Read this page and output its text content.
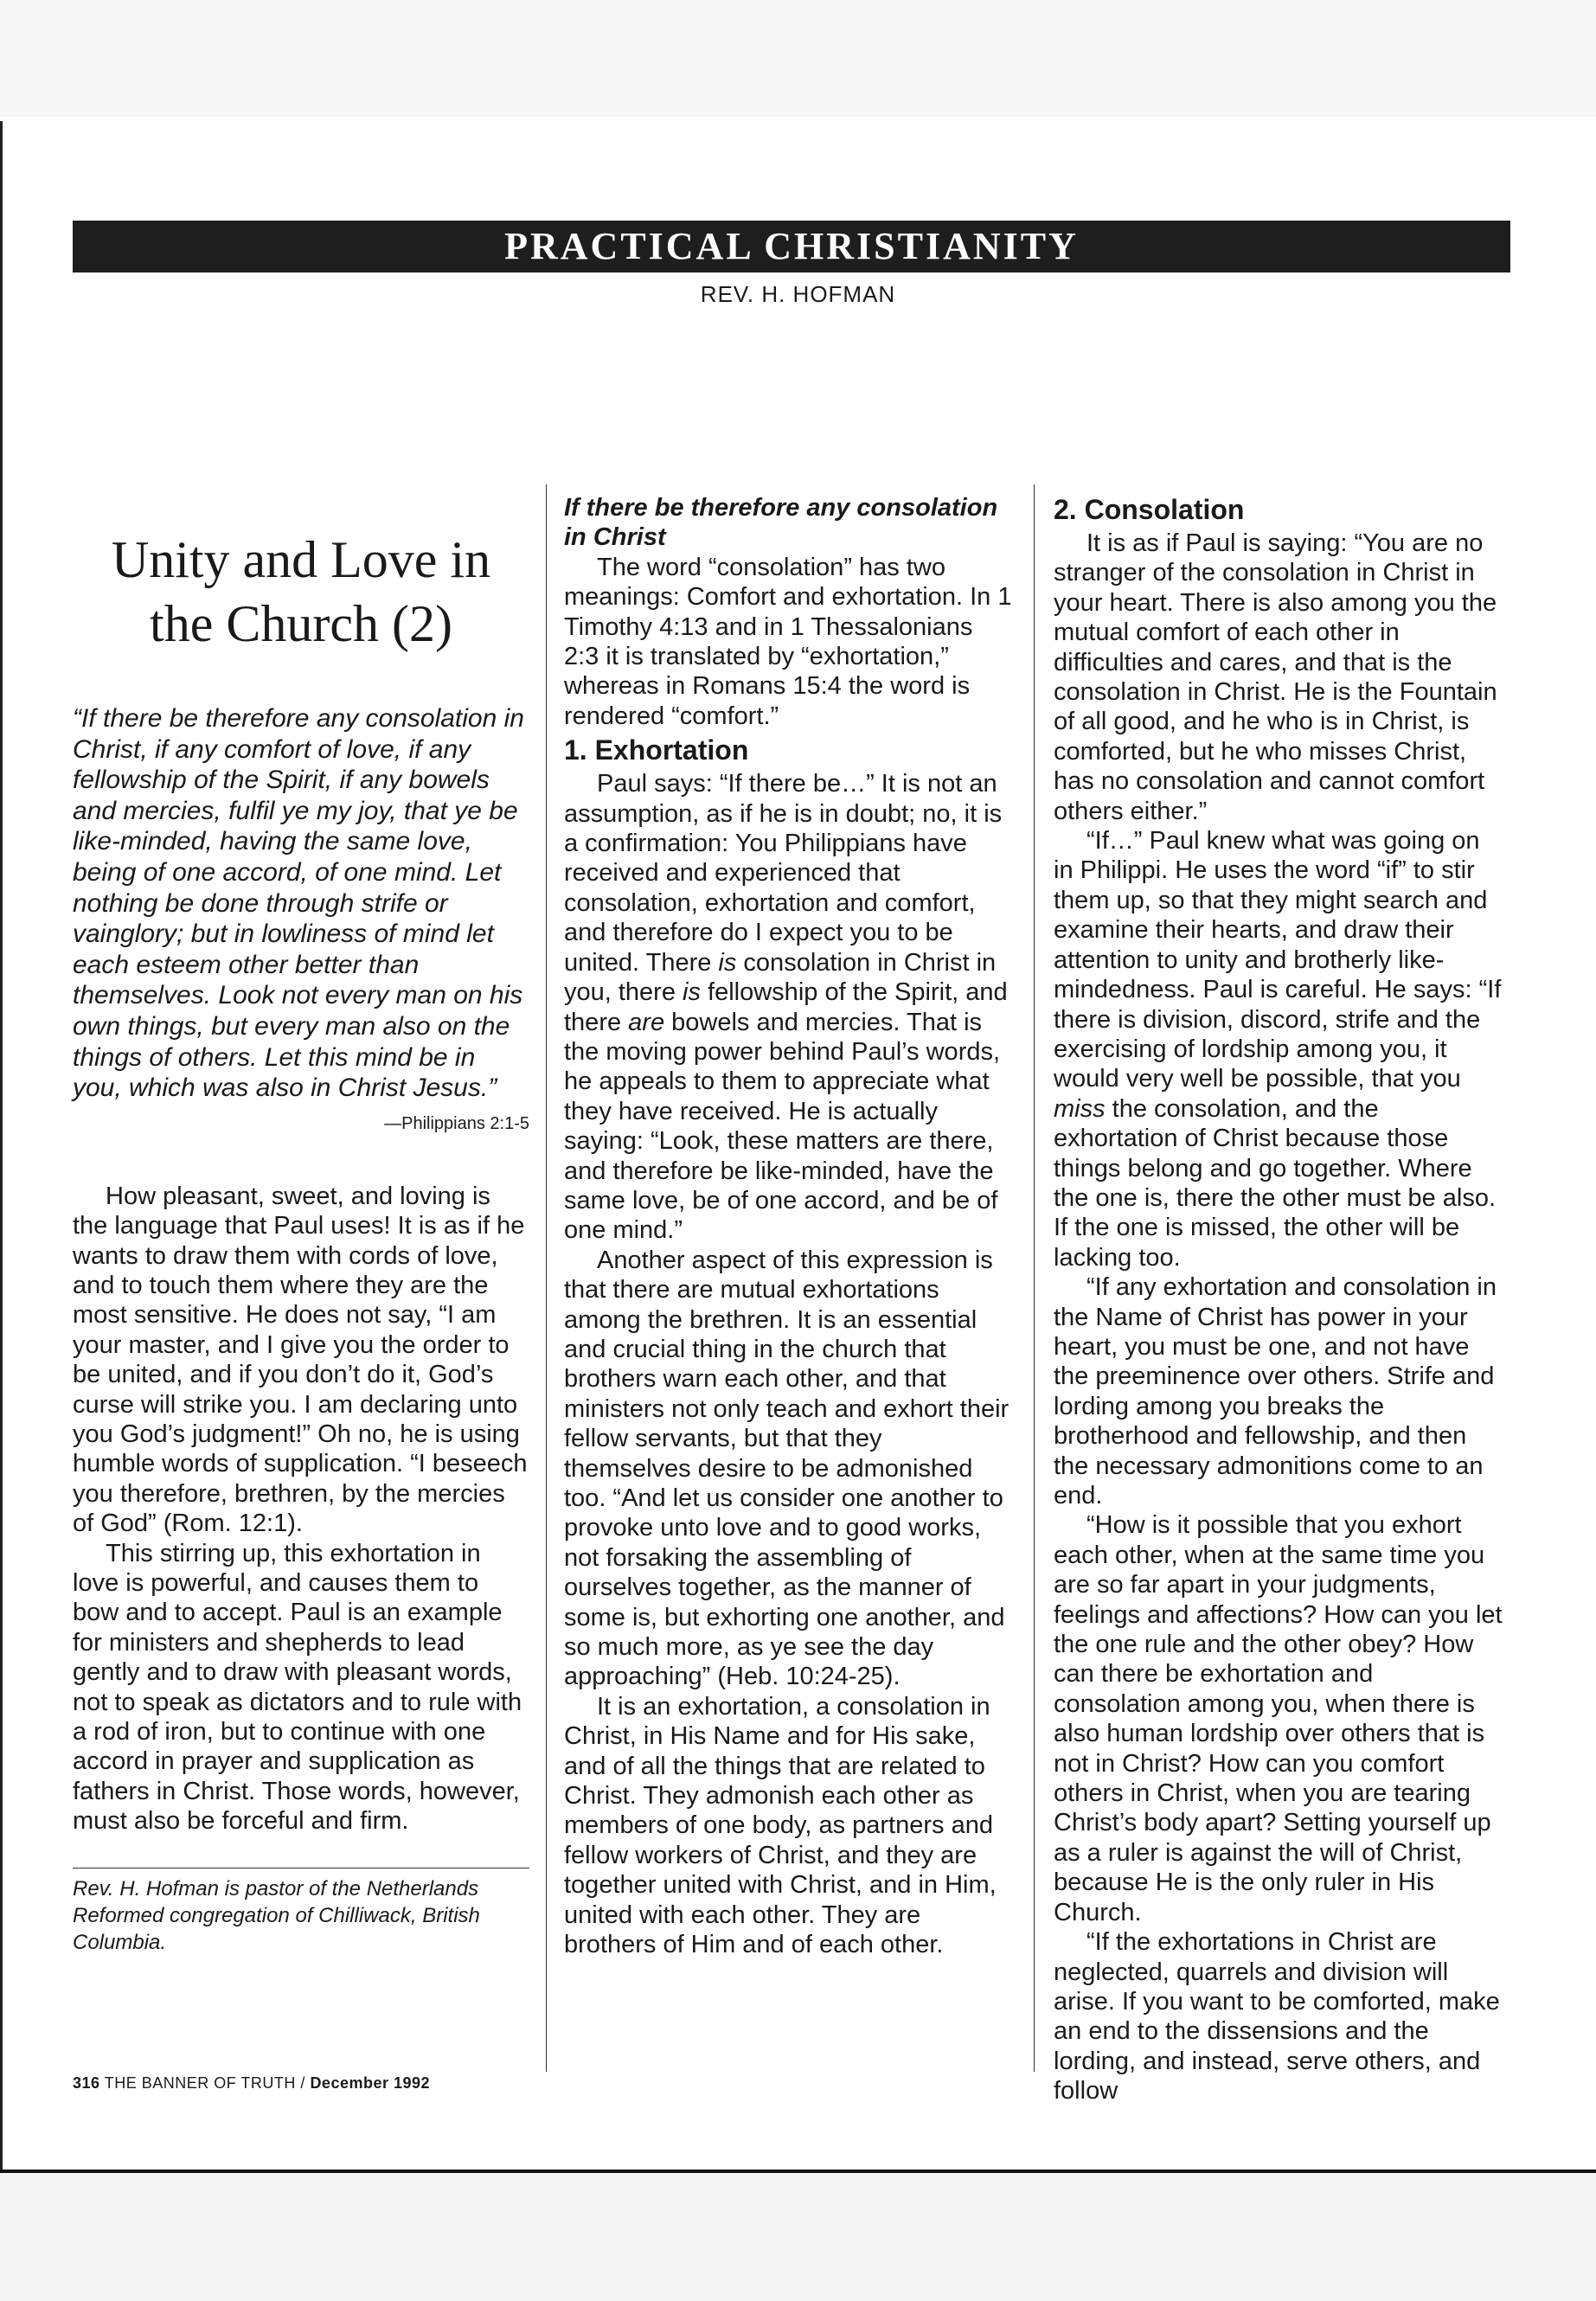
PRACTICAL CHRISTIANITY
REV. H. HOFMAN
Unity and Love in
the Church (2)
“If there be therefore any consolation in Christ, if any comfort of love, if any fellowship of the Spirit, if any bowels and mercies, fulfil ye my joy, that ye be like-minded, having the same love, being of one accord, of one mind. Let nothing be done through strife or vainglory; but in lowliness of mind let each esteem other better than themselves. Look not every man on his own things, but every man also on the things of others. Let this mind be in you, which was also in Christ Jesus.”
—Philippians 2:1-5

How pleasant, sweet, and loving is the language that Paul uses! It is as if he wants to draw them with cords of love, and to touch them where they are the most sensitive. He does not say, “I am your master, and I give you the order to be united, and if you don’t do it, God’s curse will strike you. I am declaring unto you God’s judgment!” Oh no, he is using humble words of supplication. “I beseech you therefore, brethren, by the mercies of God” (Rom. 12:1).

This stirring up, this exhortation in love is powerful, and causes them to bow and to accept. Paul is an example for ministers and shepherds to lead gently and to draw with pleasant words, not to speak as dictators and to rule with a rod of iron, but to continue with one accord in prayer and supplication as fathers in Christ. Those words, however, must also be forceful and firm.

Rev. H. Hofman is pastor of the Netherlands Reformed congregation of Chilliwack, British Columbia.
If there be therefore any consolation in Christ

The word “consolation” has two meanings: Comfort and exhortation. In 1 Timothy 4:13 and in 1 Thessalonians 2:3 it is translated by “exhortation,” whereas in Romans 15:4 the word is rendered “comfort.”

1. Exhortation

Paul says: “If there be…” It is not an assumption, as if he is in doubt; no, it is a confirmation: You Philippians have received and experienced that consolation, exhortation and comfort, and therefore do I expect you to be united. There is consolation in Christ in you, there is fellowship of the Spirit, and there are bowels and mercies. That is the moving power behind Paul’s words, he appeals to them to appreciate what they have received. He is actually saying: “Look, these matters are there, and therefore be like-minded, have the same love, be of one accord, and be of one mind.”

Another aspect of this expression is that there are mutual exhortations among the brethren. It is an essential and crucial thing in the church that brothers warn each other, and that ministers not only teach and exhort their fellow servants, but that they themselves desire to be admonished too. “And let us consider one another to provoke unto love and to good works, not forsaking the assembling of ourselves together, as the manner of some is, but exhorting one another, and so much more, as ye see the day approaching” (Heb. 10:24-25).

It is an exhortation, a consolation in Christ, in His Name and for His sake, and of all the things that are related to Christ. They admonish each other as members of one body, as partners and fellow workers of Christ, and they are together united with Christ, and in Him, united with each other. They are brothers of Him and of each other.

2. Consolation

It is as if Paul is saying: “You are no stranger of the consolation in Christ in your heart. There is also among you the mutual comfort of each other in difficulties and cares, and that is the consolation in Christ. He is the Fountain of all good, and he who is in Christ, is comforted, but he who misses Christ, has no consolation and cannot comfort others either.”

“If…” Paul knew what was going on in Philippi. He uses the word “if” to stir them up, so that they might search and examine their hearts, and draw their attention to unity and brotherly like-mindedness. Paul is careful. He says: “If there is division, discord, strife and the exercising of lordship among you, it would very well be possible, that you miss the consolation, and the exhortation of Christ because those things belong and go together. Where the one is, there the other must be also. If the one is missed, the other will be lacking too.

“If any exhortation and consolation in the Name of Christ has power in your heart, you must be one, and not have the preeminence over others. Strife and lording among you breaks the brotherhood and fellowship, and then the necessary admonitions come to an end.

“How is it possible that you exhort each other, when at the same time you are so far apart in your judgments, feelings and affections? How can you let the one rule and the other obey? How can there be exhortation and consolation among you, when there is also human lordship over others that is not in Christ? How can you comfort others in Christ, when you are tearing Christ’s body apart? Setting yourself up as a ruler is against the will of Christ, because He is the only ruler in His Church.

“If the exhortations in Christ are neglected, quarrels and division will arise. If you want to be comforted, make an end to the dissensions and the lording, and instead, serve others, and follow

316 THE BANNER OF TRUTH / December 1992
